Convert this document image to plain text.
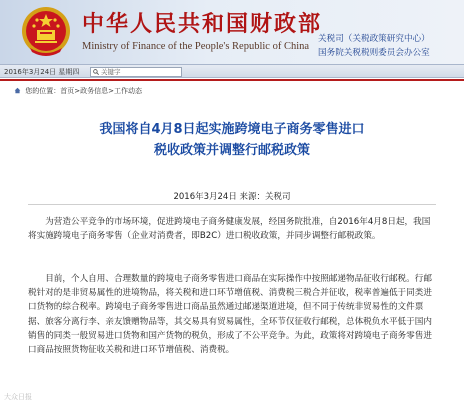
中华人民共和国财政部
Ministry of Finance of the People's Republic of China
关税司（关税政策研究中心）
国务院关税税则委员会办公室
2016年3月24日 星期四	关键字
您的位置：首页>政务信息>工作动态
我国将自4月8日起实施跨境电子商务零售进口
税收政策并调整行邮税政策
2016年3月24日 来源：关税司

为营造公平竞争的市场环境，促进跨境电子商务健康发展，经国务院批准，自2016年4月8日起，我国将实施跨境电子商务零售（企业对消费者，即B2C）进口税收政策，并同步调整行邮税政策。

目前，个人自用、合理数量的跨境电子商务零售进口商品在实际操作中按照邮递物品征收行邮税。行邮税针对的是非贸易属性的进境物品，将关税和进口环节增值税、消费税三税合并征收，税率普遍低于同类进口货物的综合税率。跨境电子商务零售进口商品虽然通过邮递渠道进境，但不同于传统非贸易性的文件票据、旅客分离行李、亲友馈赠物品等，其交易具有贸易属性，全环节仅征收行邮税，总体税负水平低于国内销售的同类一般贸易进口货物和国产货物的税负，形成了不公平竞争。为此，政策将对跨境电子商务零售进口商品按照货物征收关税和进口环节增值税、消费税。

大众日报
